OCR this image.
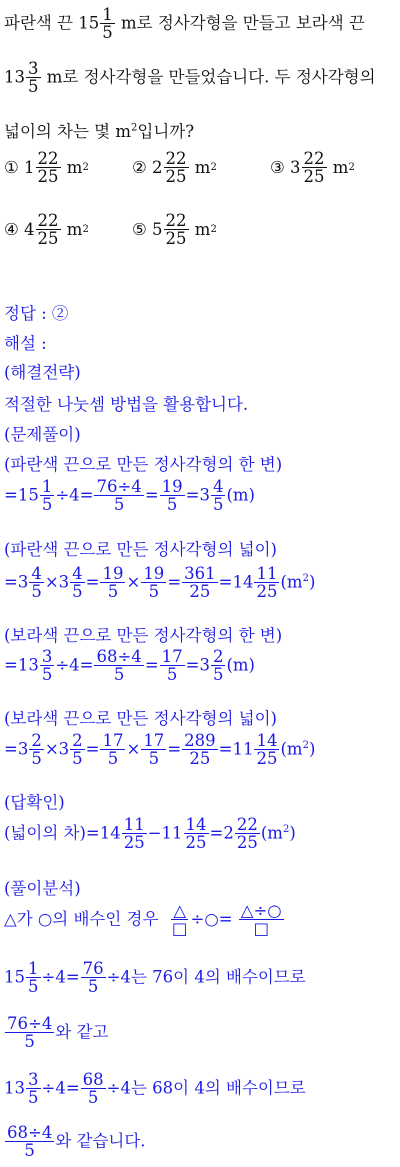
파란색 끈 $15 \frac{1}{5}$ m로 정사각형을 만들고 보라색 끈
$13 \frac{3}{5}$ m로 정사각형을 만들었습니다. 두 정사각형의
넓이의 차는 몇 $m^2$입니까?
①
$1 \frac{22}{25}$
m 2	②
$2 \frac{22}{25}$
m 2	③
$3 \frac{22}{25}$
m 2
④
$4 \frac{22}{25}$
m 2	⑤
$5 \frac{22}{25}$
m 2
정답 : ②
해설 :
(해결전략)
적절한 나눗셈 방법을 활용합니다.
(문제풀이)
(파란색 끈으로 만든 정사각형의 한 변)
$=15 \frac{1}{5} \div 4= \frac{76\div 4}{5} = \frac{19}{5} =3 \frac{4}{5} (m)$
(파란색 끈으로 만든 정사각형의 넓이)
$=3 \frac{4}{5} \times 3 \frac{4}{5} = \frac{19}{5} \times \frac{19}{5} = \frac{361}{25} =14 \frac{11}{25} (m^2)$
(보라색 끈으로 만든 정사각형의 한 변)
$=13 \frac{3}{5} \div 4= \frac{68\div 4}{5} = \frac{17}{5} =3 \frac{2}{5} (m)$
(보라색 끈으로 만든 정사각형의 넓이)
$=3 \frac{2}{5} \times 3 \frac{2}{5} = \frac{17}{5} \times \frac{17}{5} = \frac{289}{25} =11 \frac{14}{25} (m^2)$
(답확인)
(넓이의 차)$=14 \frac{11}{25} -11 \frac{14}{25} =2 \frac{22}{25} (m^2)$
(풀이분석)
△가 ○의 배수인 경우 $\frac{\triangle}{□}$ ÷○= $\frac{\triangle\div○}{□}$
$15 \frac{1}{5} \div 4= \frac{76}{5} \div 4$는 76이 4의 배수이므로
$\frac{76\div 4}{5}$ 와 같고
$13 \frac{3}{5} \div 4= \frac{68}{5} \div 4$는 68이 4의 배수이므로
$\frac{68\div 4}{5}$ 와 같습니다.
